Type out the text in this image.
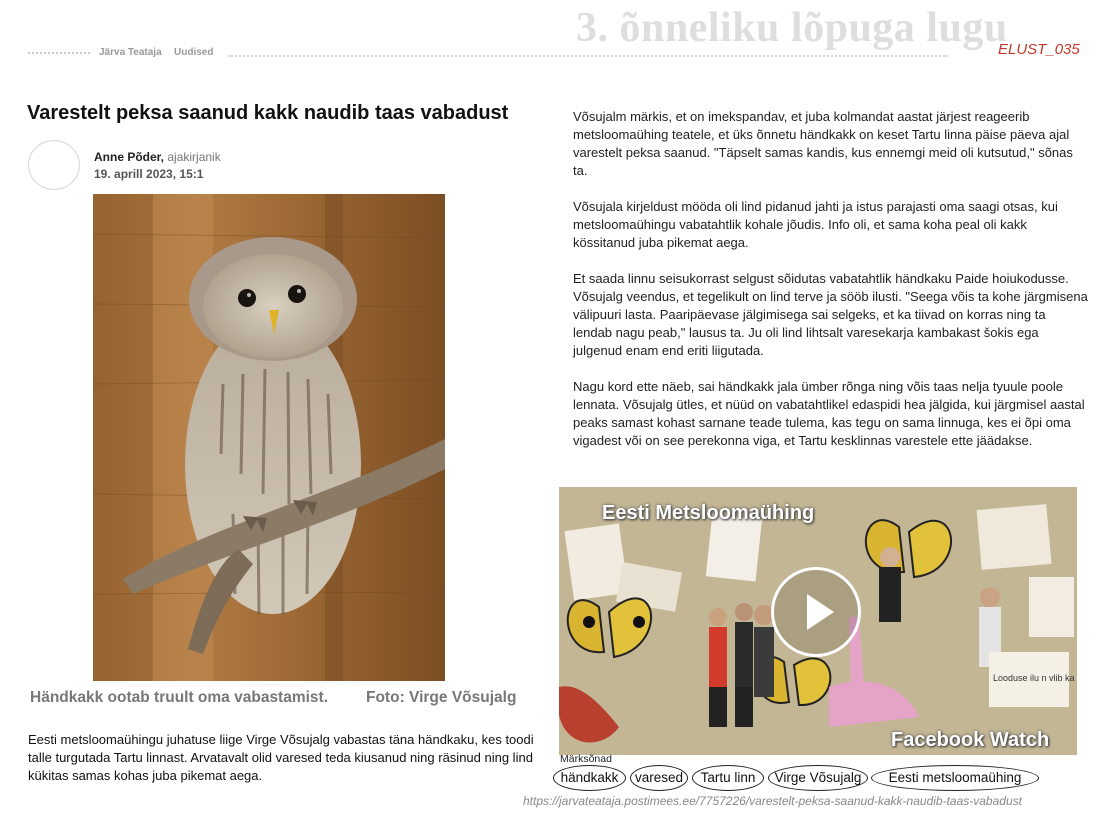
3. õnneliku lõpuga lugu
ELUST_035
Järva Teataja Uudised
Varestelt peksa saanud kakk naudib taas vabadust
Anne Põder, ajakirjanik
19. aprill 2023, 15:1
Händkakk ootab truult oma vabastamist. Foto: Virge Võsujalg

Eesti metsloomaühingu juhatuse liige Virge Võsujalg vabastas täna händkaku, kes toodi talle turgutada Tartu linnast. Arvatavalt olid varesed teda kiusanud ning räsinud ning lind kükitas samas kohas juba pikemat aega.

Võsujalm märkis, et on imekspandav, et juba kolmandat aastat järjest reageerib metsloomaühing teatele, et üks õnnetu händkakk on keset Tartu linna päise päeva ajal varestelt peksa saanud. "Täpselt samas kandis, kus ennemgi meid oli kutsutud," sõnas ta.

Võsujala kirjeldust mööda oli lind pidanud jahti ja istus parajasti oma saagi otsas, kui metsloomaühingu vabatahtlik kohale jõudis. Info oli, et sama koha peal oli kakk kössitanud juba pikemat aega.

Et saada linnu seisukorrast selgust sõidutas vabatahtlik händkaku Paide hoiukodusse. Võsujalg veendus, et tegelikult on lind terve ja sööb ilusti. "Seega võis ta kohe järgmisena välipuuri lasta. Paaripäevase jälgimisega sai selgeks, et ka tiivad on korras ning ta lendab nagu peab," lausus ta. Ju oli lind lihtsalt varesekarja kambakast šokis ega julgenud enam end eriti liigutada.

Nagu kord ette näeb, sai händkakk jala ümber rõnga ning võis taas nelja tyuule poole lennata. Võsujalg ütles, et nüüd on vabatahtlikel edaspidi hea jälgida, kui järgmisel aastal peaks samast kohast sarnane teade tulema, kas tegu on sama linnuga, kes ei õpi oma vigadest või on see perekonna viga, et Tartu kesklinnas varestele ette jäädakse.

Looduse ilu n vlib ka
Eesti Metsloomaühing
Facebook Watch
Märksõnad
händkakk	varesed	Tartu linn	Virge Võsujalg	Eesti metsloomaühing
https://jarvateataja.postimees.ee/7757226/varestelt-peksa-saanud-kakk-naudib-taas-vabadust
